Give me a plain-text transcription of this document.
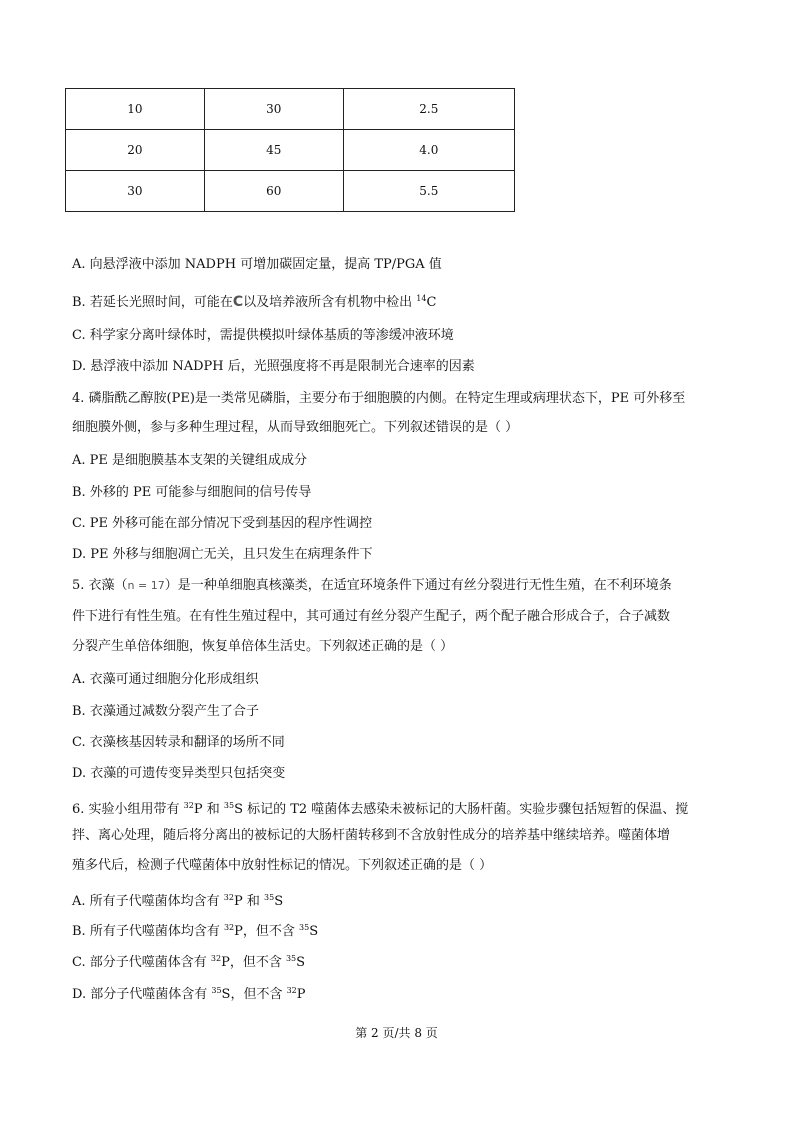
10	30	2.5
20	45	4.0
30	60	5.5
A. 向悬浮液中添加 NADPH 可增加碳固定量，提高 TP/PGA 值
B. 若延长光照时间，可能在C以及培养液所含有机物中检出 $^{14}$C
C. 科学家分离叶绿体时，需提供模拟叶绿体基质的等渗缓冲液环境
D. 悬浮液中添加 NADPH 后，光照强度将不再是限制光合速率的因素
4. 磷脂酰乙醇胺(PE)是一类常见磷脂，主要分布于细胞膜的内侧。在特定生理或病理状态下，PE 可外移至
细胞膜外侧，参与多种生理过程，从而导致细胞死亡。下列叙述错误的是（ ）
A. PE 是细胞膜基本支架的关键组成成分
B. 外移的 PE 可能参与细胞间的信号传导
C. PE 外移可能在部分情况下受到基因的程序性调控
D. PE 外移与细胞凋亡无关，且只发生在病理条件下
5. 衣藻（n = 17）是一种单细胞真核藻类，在适宜环境条件下通过有丝分裂进行无性生殖，在不利环境条
件下进行有性生殖。在有性生殖过程中，其可通过有丝分裂产生配子，两个配子融合形成合子，合子减数
分裂产生单倍体细胞，恢复单倍体生活史。下列叙述正确的是（ ）
A. 衣藻可通过细胞分化形成组织
B. 衣藻通过减数分裂产生了合子
C. 衣藻核基因转录和翻译的场所不同
D. 衣藻的可遗传变异类型只包括突变
6. 实验小组用带有 $^{32}$P 和 $^{35}$S 标记的 T2 噬菌体去感染未被标记的大肠杆菌。实验步骤包括短暂的保温、搅
拌、离心处理，随后将分离出的被标记的大肠杆菌转移到不含放射性成分的培养基中继续培养。噬菌体增
殖多代后，检测子代噬菌体中放射性标记的情况。下列叙述正确的是（ ）
A. 所有子代噬菌体均含有 $^{32}$P 和 $^{35}$S
B. 所有子代噬菌体均含有 $^{32}$P，但不含 $^{35}$S
C. 部分子代噬菌体含有 $^{32}$P，但不含 $^{35}$S
D. 部分子代噬菌体含有 $^{35}$S，但不含 $^{32}$P
第 2 页/共 8 页
